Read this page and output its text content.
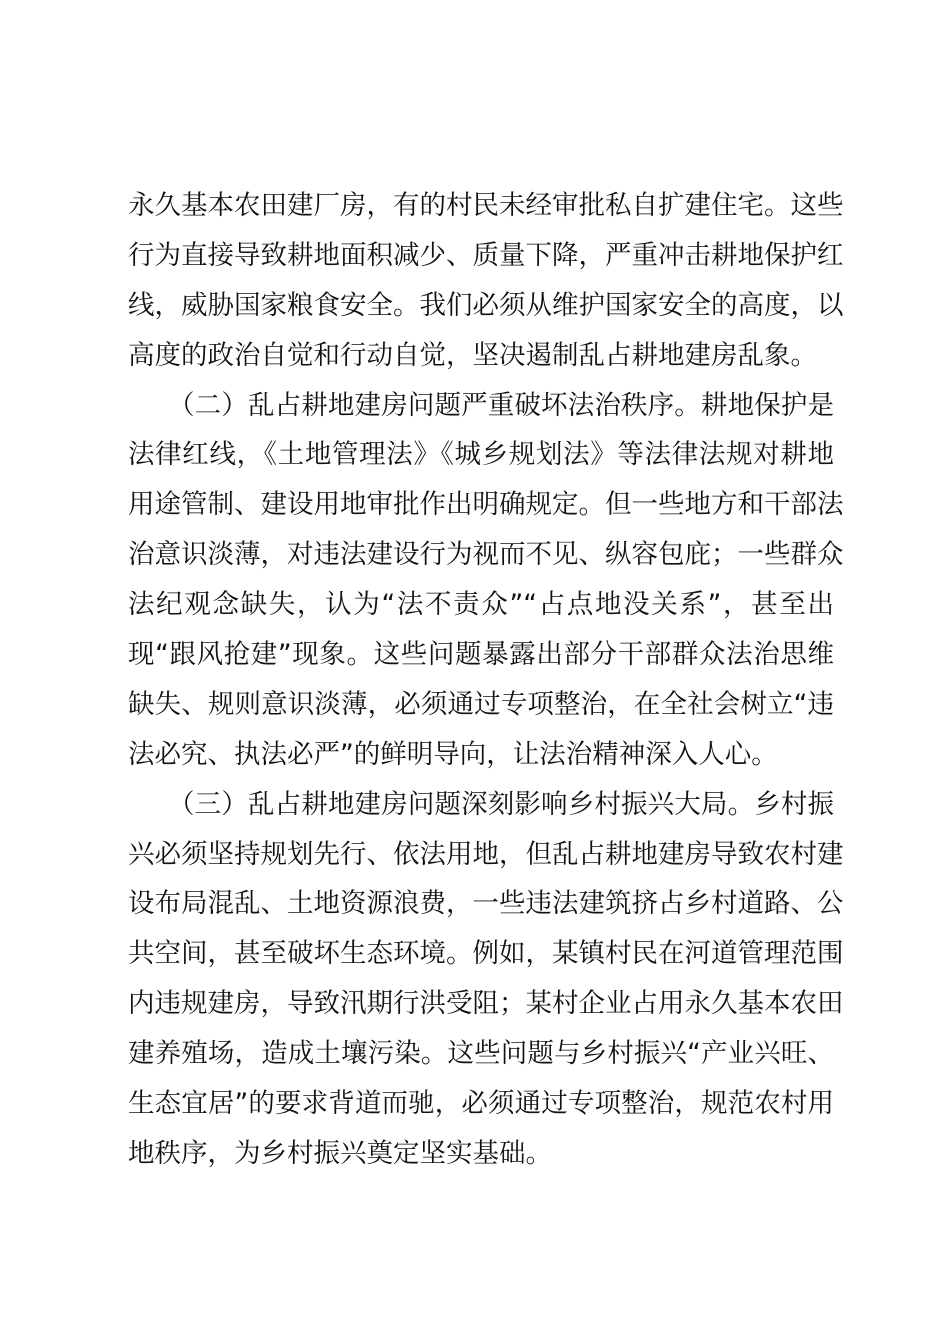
永久基本农田建厂房，有的村民未经审批私自扩建住宅。这些
行为直接导致耕地面积减少、质量下降，严重冲击耕地保护红
线，威胁国家粮食安全。我们必须从维护国家安全的高度，以
高度的政治自觉和行动自觉，坚决遏制乱占耕地建房乱象。
　　（二）乱占耕地建房问题严重破坏法治秩序。耕地保护是
法律红线，《土地管理法》《城乡规划法》等法律法规对耕地
用途管制、建设用地审批作出明确规定。但一些地方和干部法
治意识淡薄，对违法建设行为视而不见、纵容包庇；一些群众
法纪观念缺失，认为“法不责众”“占点地没关系”，甚至出
现“跟风抢建”现象。这些问题暴露出部分干部群众法治思维
缺失、规则意识淡薄，必须通过专项整治，在全社会树立“违
法必究、执法必严”的鲜明导向，让法治精神深入人心。
　　（三）乱占耕地建房问题深刻影响乡村振兴大局。乡村振
兴必须坚持规划先行、依法用地，但乱占耕地建房导致农村建
设布局混乱、土地资源浪费，一些违法建筑挤占乡村道路、公
共空间，甚至破坏生态环境。例如，某镇村民在河道管理范围
内违规建房，导致汛期行洪受阻；某村企业占用永久基本农田
建养殖场，造成土壤污染。这些问题与乡村振兴“产业兴旺、
生态宜居”的要求背道而驰，必须通过专项整治，规范农村用
地秩序，为乡村振兴奠定坚实基础。
